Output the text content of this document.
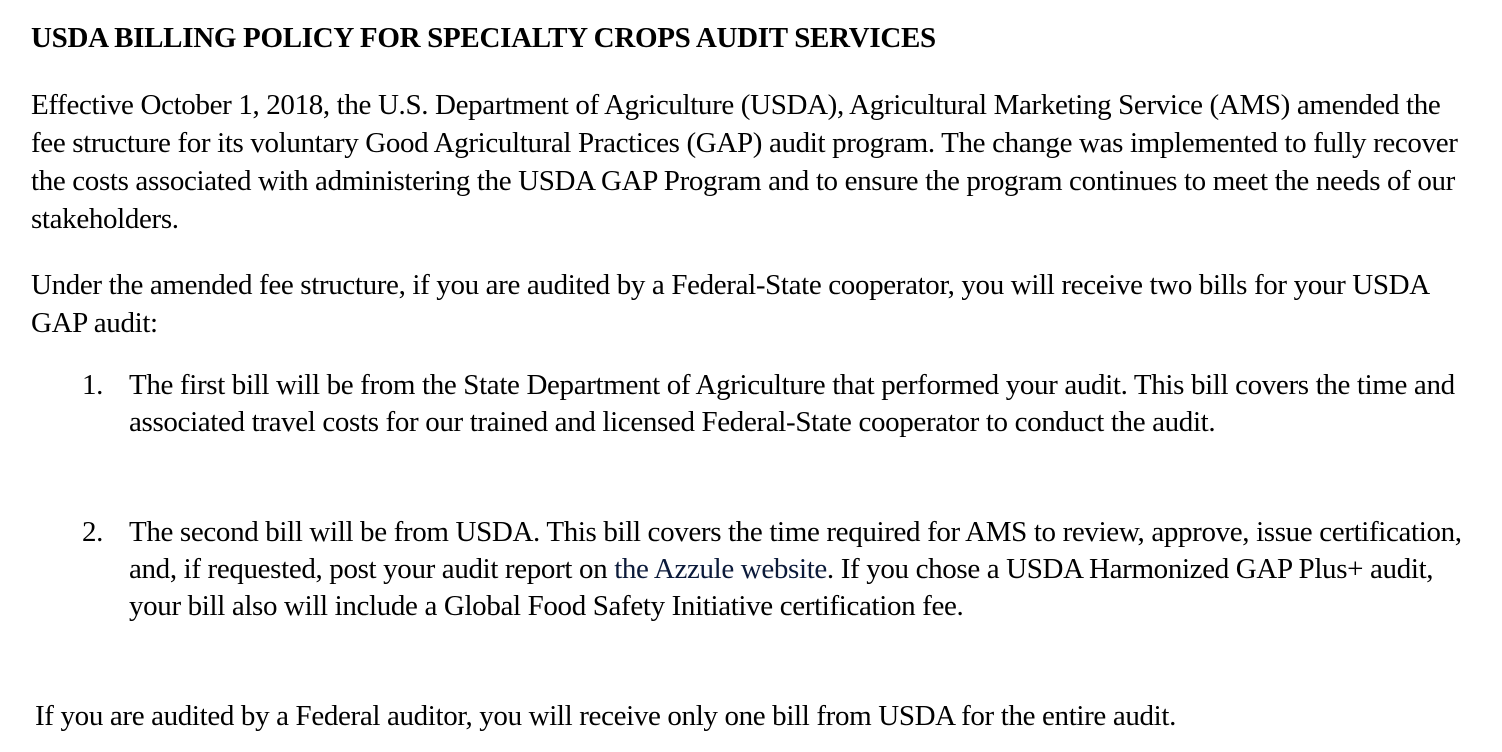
USDA BILLING POLICY FOR SPECIALTY CROPS AUDIT SERVICES

Effective October 1, 2018, the U.S. Department of Agriculture (USDA), Agricultural Marketing Service (AMS) amended the fee structure for its voluntary Good Agricultural Practices (GAP) audit program. The change was implemented to fully recover the costs associated with administering the USDA GAP Program and to ensure the program continues to meet the needs of our stakeholders.

Under the amended fee structure, if you are audited by a Federal-State cooperator, you will receive two bills for your USDA GAP audit:

1. The first bill will be from the State Department of Agriculture that performed your audit. This bill covers the time and associated travel costs for our trained and licensed Federal-State cooperator to conduct the audit.
2. The second bill will be from USDA. This bill covers the time required for AMS to review, approve, issue certification, and, if requested, post your audit report on the Azzule website. If you chose a USDA Harmonized GAP Plus+ audit, your bill also will include a Global Food Safety Initiative certification fee.

If you are audited by a Federal auditor, you will receive only one bill from USDA for the entire audit.
